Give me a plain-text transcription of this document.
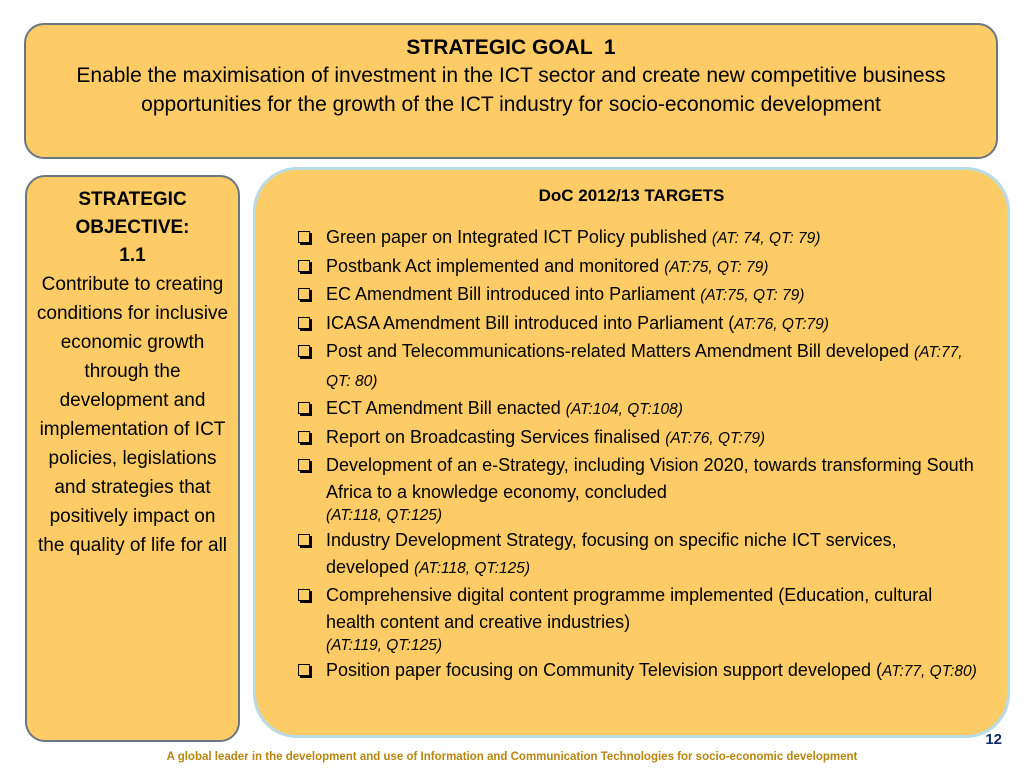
STRATEGIC GOAL  1
Enable the maximisation of investment in the ICT sector and create new competitive business opportunities for the growth of the ICT industry for socio-economic development
STRATEGIC
OBJECTIVE:
1.1
Contribute to creating conditions for inclusive economic growth through the development and implementation of ICT policies, legislations and strategies that positively impact on the quality of life for all
DoC 2012/13 TARGETS
Green paper on Integrated ICT Policy published (AT: 74, QT: 79)
Postbank Act implemented and monitored (AT:75, QT: 79)
EC Amendment Bill introduced into Parliament (AT:75, QT: 79)
ICASA Amendment Bill introduced into Parliament (AT:76, QT:79)
Post and Telecommunications-related Matters Amendment Bill developed (AT:77, QT: 80)
ECT Amendment Bill enacted (AT:104, QT:108)
Report on Broadcasting Services finalised (AT:76, QT:79)
Development of an e-Strategy, including Vision 2020, towards transforming South Africa to a knowledge economy, concluded
(AT:118, QT:125)
Industry Development Strategy, focusing on specific niche ICT services, developed (AT:118, QT:125)
Comprehensive digital content programme implemented (Education, cultural health content and creative industries)
(AT:119, QT:125)
Position paper focusing on Community Television support developed (AT:77, QT:80)
12
A global leader in the development and use of Information and Communication Technologies for socio-economic development
